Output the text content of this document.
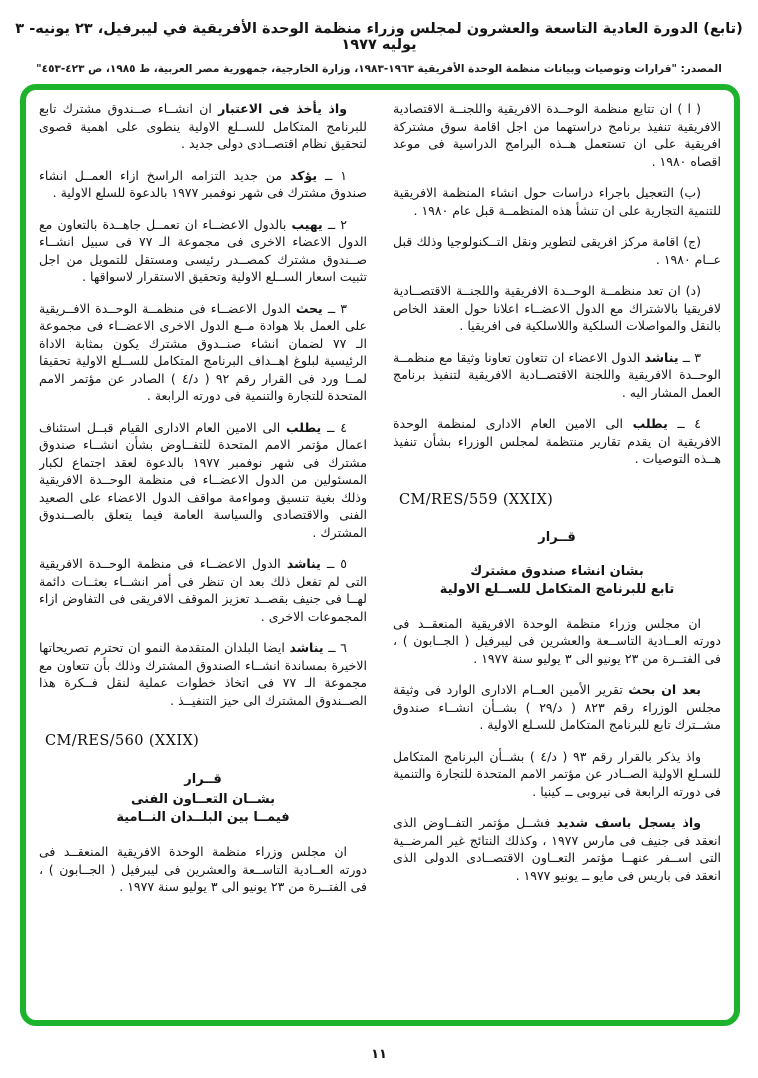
(تابع) الدورة العادية التاسعة والعشرون لمجلس وزراء منظمة الوحدة الأفريقية في ليبرفيل، ٢٣ يونيه- ٣ يوليه ١٩٧٧
المصدر: "قرارات وتوصيات وبيانات منظمة الوحدة الأفريقية ١٩٦٣-١٩٨٣، وزارة الخارجية، جمهورية مصر العربية، ط ١٩٨٥، ص ٤٢٣-٤٥٣"

( ا ) ان تتابع منظمة الوحــدة الافريقية واللجنــة الاقتصادية الافريقية تنفيذ برنامج دراستهما من اجل اقامة سوق مشتركة افريقية على ان تستعمل هــذه البرامج الدراسية فى موعد اقصاه ١٩٨٠ .

(ب) التعجيل باجراء دراسات حول انشاء المنظمة الافريقية للتنمية التجارية على ان تنشأ هذه المنظمــة قبل عام ١٩٨٠ .

(ج) اقامة مركز افريقى لتطوير ونقل التــكنولوجيا وذلك قبل عــام ١٩٨٠ .

(د) ان تعد منظمــة الوحــدة الافريقية واللجنــة الاقتصــادية لافريقيا بالاشتراك مع الدول الاعضــاء اعلانا حول العقد الخاص بالنقل والمواصلات السلكية واللاسلكية فى افريقيا .

٣ ــ يناشد الدول الاعضاء ان تتعاون تعاونا وثيقا مع منظمــة الوحــدة الافريقية واللجنة الاقتصــادية الافريقية لتنفيذ برنامج العمل المشار اليه .

٤ ــ يطلب الى الامين العام الادارى لمنظمة الوحدة الافريقية ان يقدم تقارير منتظمة لمجلس الوزراء بشأن تنفيذ هــذه التوصيات .

CM/RES/559 (XXIX)

قــرار

بشان انشاء صندوق مشترك
تابع للبرنامج المتكامل للســلع الاولية

ان مجلس وزراء منظمة الوحدة الافريقية المنعقــد فى دورته العــادية التاســعة والعشرين فى ليبرفيل ( الجــابون ) ، فى الفتــرة من ٢٣ يونيو الى ٣ يوليو سنة ١٩٧٧ .

بعد ان بحث تقرير الأمين العــام الادارى الوارد فى وثيقة مجلس الوزراء رقم ٨٢٣ ( د/٢٩ ) بشــأن انشــاء صندوق مشــترك تابع للبرنامج المتكامل للسـلع الاولية .

واذ يذكر بالقرار رقم ٩٣ ( د/٤ ) بشــأن البرنامج المتكامل للسـلع الاولية الصــادر عن مؤتمر الامم المتحدة للتجارة والتنمية فى دورته الرابعة فى نيروبى ــ كينيا .

واذ يسجل باسف شديد فشــل مؤتمر التفــاوض الذى انعقد فى جنيف فى مارس ١٩٧٧ ، وكذلك النتائج غير المرضــية التى اســفر عنهــا مؤتمر التعــاون الاقتصــادى الدولى الذى انعقد فى باريس فى مايو ــ يونيو ١٩٧٧ .

واذ يأخذ فى الاعتبار ان انشــاء صــندوق مشترك تابع للبرنامج المتكامل للســلع الاولية ينطوى على اهمية قصوى لتحقيق نظام اقتصــادى دولى جديد .

١ ــ يؤكد من جديد التزامه الراسخ ازاء العمــل انشاء صندوق مشترك فى شهر نوفمبر ١٩٧٧ بالدعوة للسلع الاولية .

٢ ــ يهيب بالدول الاعضــاء ان تعمــل جاهــدة بالتعاون مع الدول الاعضاء الاخرى فى مجموعة الـ ٧٧ فى سبيل انشــاء صــندوق مشترك كمصــدر رئيسى ومستقل للتمويل من اجل تثبيت اسعار الســلع الاولية وتحقيق الاستقرار لاسواقها .

٣ ــ يحث الدول الاعضــاء فى منظمــة الوحــدة الافــريقية على العمل بلا هوادة مــع الدول الاخرى الاعضــاء فى مجموعة الـ ٧٧ لضمان انشاء صنــدوق مشترك يكون بمثابة الاداة الرئيسية لبلوغ اهــداف البرنامج المتكامل للســلع الاولية تحقيقا لمــا ورد فى القرار رقم ٩٢ ( د/٤ ) الصادر عن مؤتمر الامم المتحدة للتجارة والتنمية فى دورته الرابعة .

٤ ــ يطلب الى الامين العام الادارى القيام قبــل استئناف اعمال مؤتمر الامم المتحدة للتفــاوض بشأن انشــاء صندوق مشترك فى شهر نوفمبر ١٩٧٧ بالدعوة لعقد اجتماع لكبار المسئولين من الدول الاعضــاء فى منظمة الوحــدة الافريقية وذلك بغية تنسيق ومواءمة مواقف الدول الاعضاء على الصعيد الفنى والاقتصادى والسياسة العامة فيما يتعلق بالصــندوق المشترك .

٥ ــ يناشد الدول الاعضــاء فى منظمة الوحــدة الافريقية التى لم تفعل ذلك بعد ان تنظر فى أمر انشــاء بعثــات دائمة لهــا فى جنيف بقصــد تعزيز الموقف الافريقى فى التفاوض ازاء المجموعات الاخرى .

٦ ــ يناشد ايضا البلدان المتقدمة النمو ان تحترم تصريحاتها الاخيرة بمساندة انشــاء الصندوق المشترك وذلك بأن تتعاون مع مجموعة الـ ٧٧ فى اتخاذ خطوات عملية لنقل فــكرة هذا الصــندوق المشترك الى حيز التنفيــذ .

CM/RES/560 (XXIX)

قــرار

بشــان التعــاون الفنى
فيمــا بين البلــدان النــامية

ان مجلس وزراء منظمة الوحدة الافريقية المنعقــد فى دورته العــادية التاســعة والعشرين فى ليبرفيل ( الجــابون ) ، فى الفتــرة من ٢٣ يونيو الى ٣ يوليو سنة ١٩٧٧ .

١١
